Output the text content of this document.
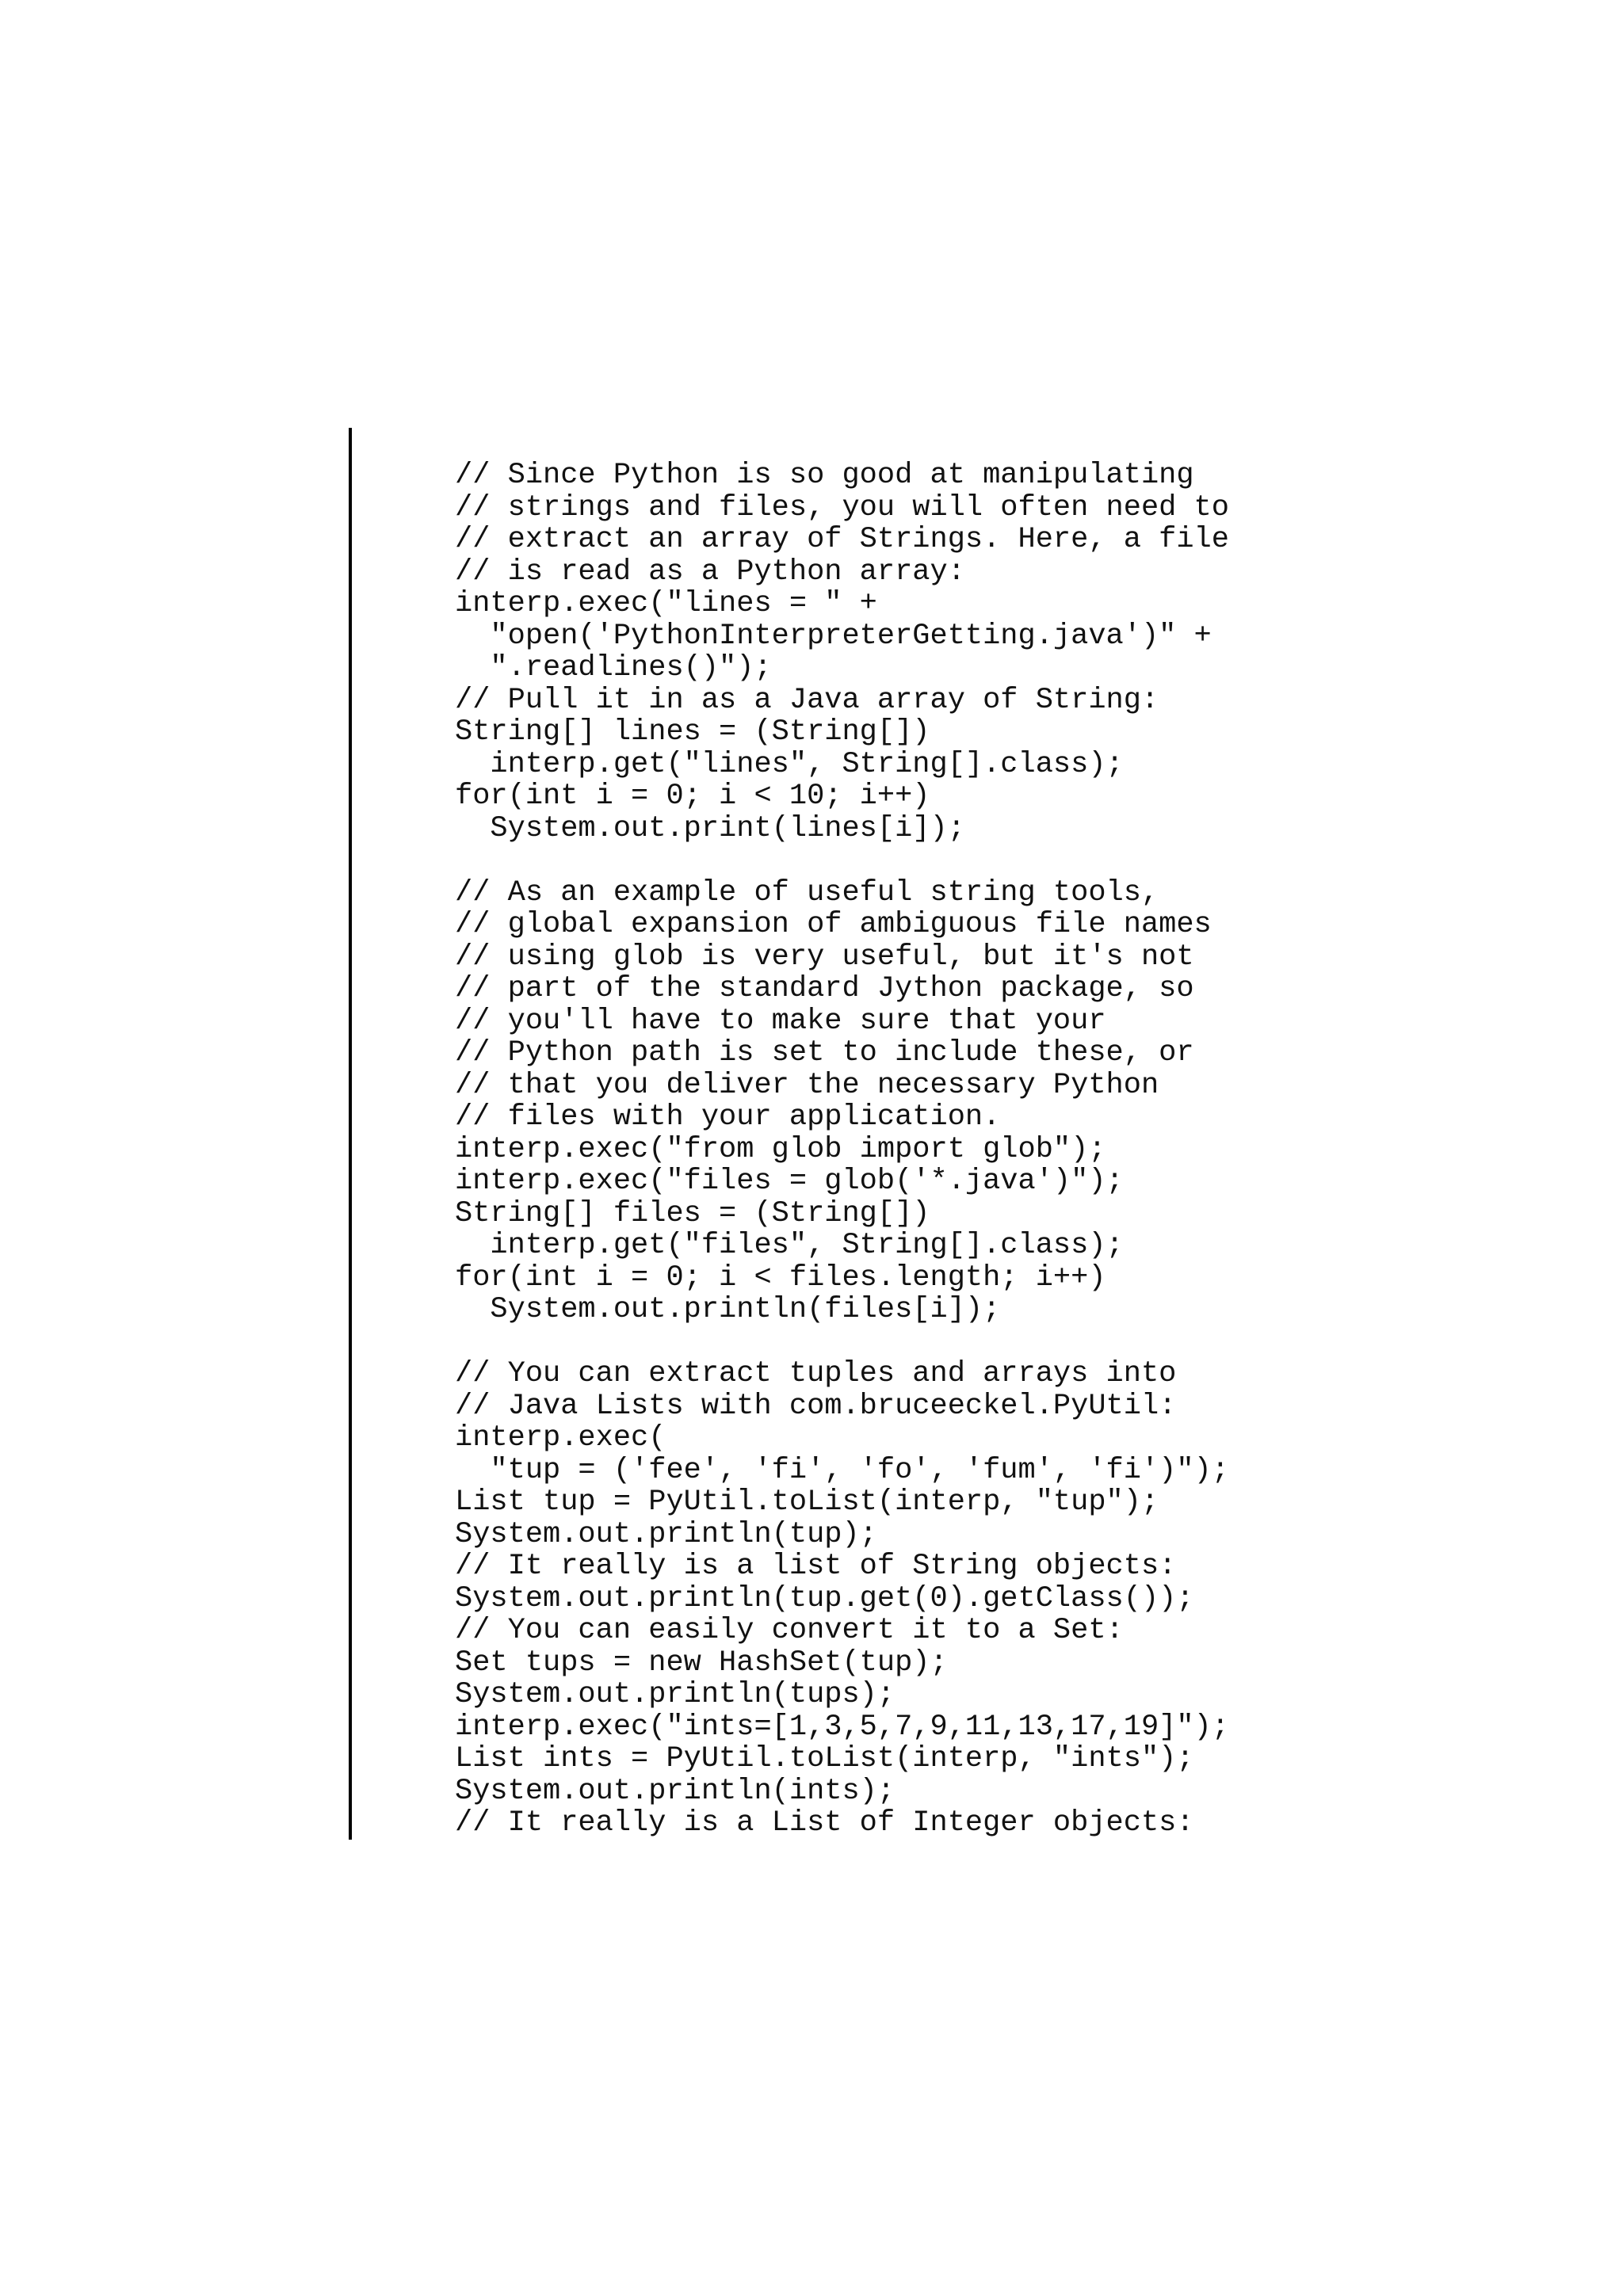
// Since Python is so good at manipulating
// strings and files, you will often need to
// extract an array of Strings. Here, a file
// is read as a Python array:
interp.exec("lines = " +
"open('PythonInterpreterGetting.java')" +
".readlines()");
// Pull it in as a Java array of String:
String[] lines = (String[])
interp.get("lines", String[].class);
for(int i = 0; i < 10; i++)
System.out.print(lines[i]);
// As an example of useful string tools,
// global expansion of ambiguous file names
// using glob is very useful, but it's not
// part of the standard Jython package, so
// you'll have to make sure that your
// Python path is set to include these, or
// that you deliver the necessary Python
// files with your application.
interp.exec("from glob import glob");
interp.exec("files = glob('*.java')");
String[] files = (String[])
interp.get("files", String[].class);
for(int i = 0; i < files.length; i++)
System.out.println(files[i]);
// You can extract tuples and arrays into
// Java Lists with com.bruceeckel.PyUtil:
interp.exec(
"tup = ('fee', 'fi', 'fo', 'fum', 'fi')");
List tup = PyUtil.toList(interp, "tup");
System.out.println(tup);
// It really is a list of String objects:
System.out.println(tup.get(0).getClass());
// You can easily convert it to a Set:
Set tups = new HashSet(tup);
System.out.println(tups);
interp.exec("ints=[1,3,5,7,9,11,13,17,19]");
List ints = PyUtil.toList(interp, "ints");
System.out.println(ints);
// It really is a List of Integer objects:
